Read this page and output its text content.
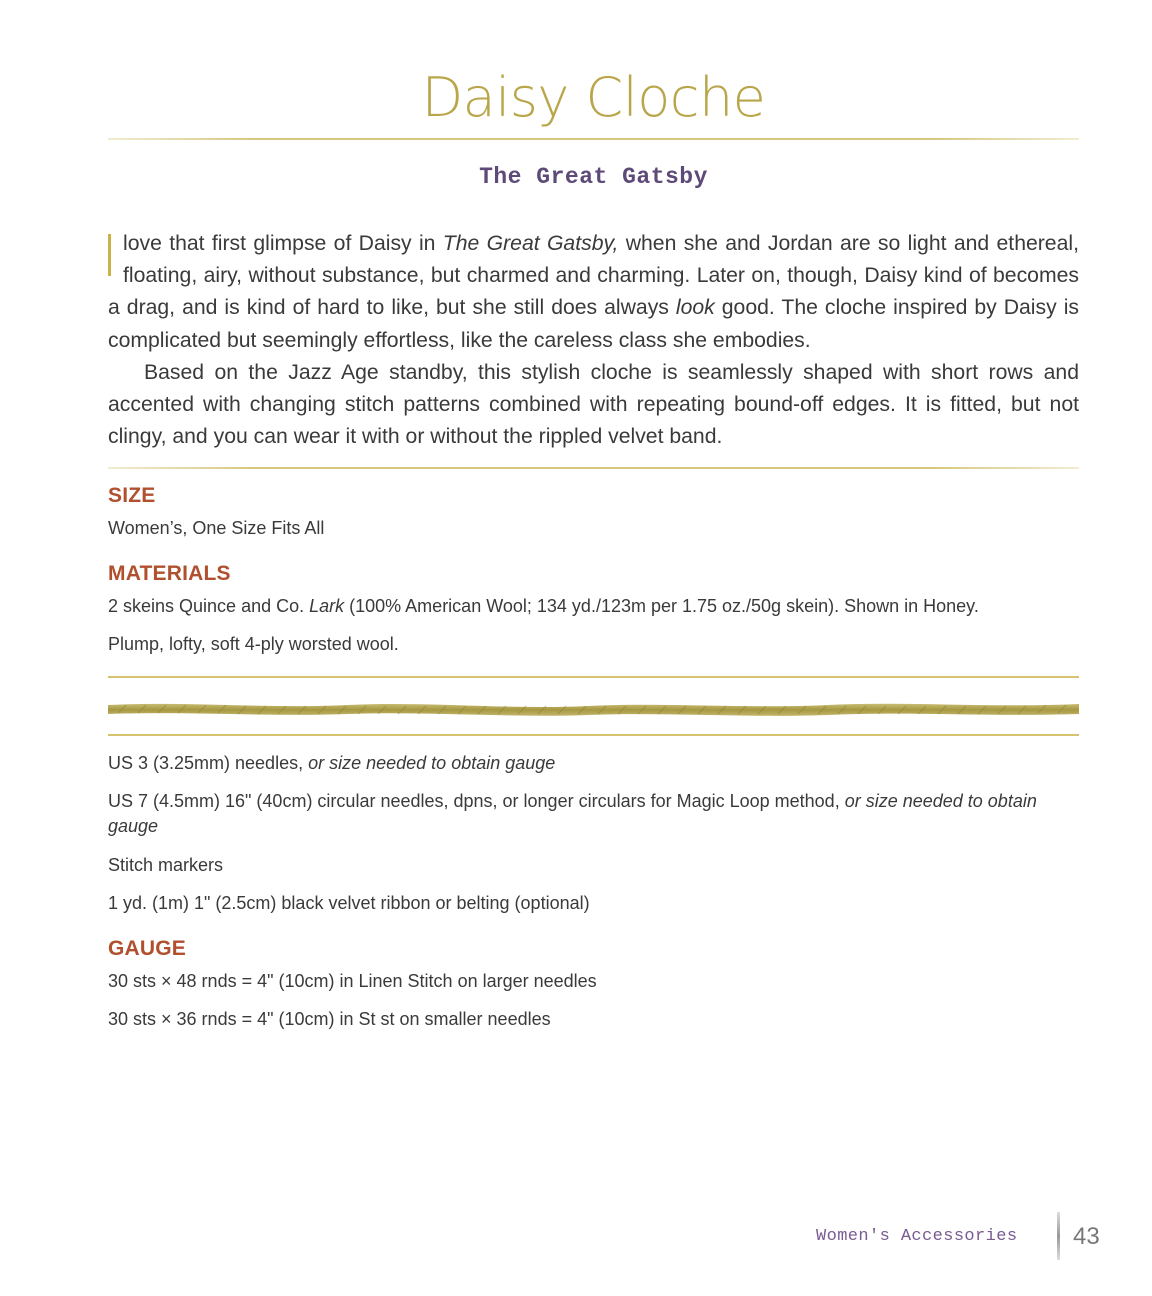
Daisy Cloche
The Great Gatsby

love that first glimpse of Daisy in The Great Gatsby, when she and Jordan are so light and ethereal, floating, airy, without substance, but charmed and charming. Later on, though, Daisy kind of becomes a drag, and is kind of hard to like, but she still does always look good. The cloche inspired by Daisy is complicated but seemingly effortless, like the careless class she embodies.

Based on the Jazz Age standby, this stylish cloche is seamlessly shaped with short rows and accented with changing stitch patterns combined with repeating bound-off edges. It is fitted, but not clingy, and you can wear it with or without the rippled velvet band.

SIZE

Women’s, One Size Fits All

MATERIALS

2 skeins Quince and Co. Lark (100% American Wool; 134 yd./123m per 1.75 oz./50g skein). Shown in Honey.

Plump, lofty, soft 4-ply worsted wool.

US 3 (3.25mm) needles, or size needed to obtain gauge

US 7 (4.5mm) 16" (40cm) circular needles, dpns, or longer circulars for Magic Loop method, or size needed to obtain gauge

Stitch markers

1 yd. (1m) 1" (2.5cm) black velvet ribbon or belting (optional)

GAUGE

30 sts × 48 rnds = 4" (10cm) in Linen Stitch on larger needles

30 sts × 36 rnds = 4" (10cm) in St st on smaller needles

Women's Accessories	43
